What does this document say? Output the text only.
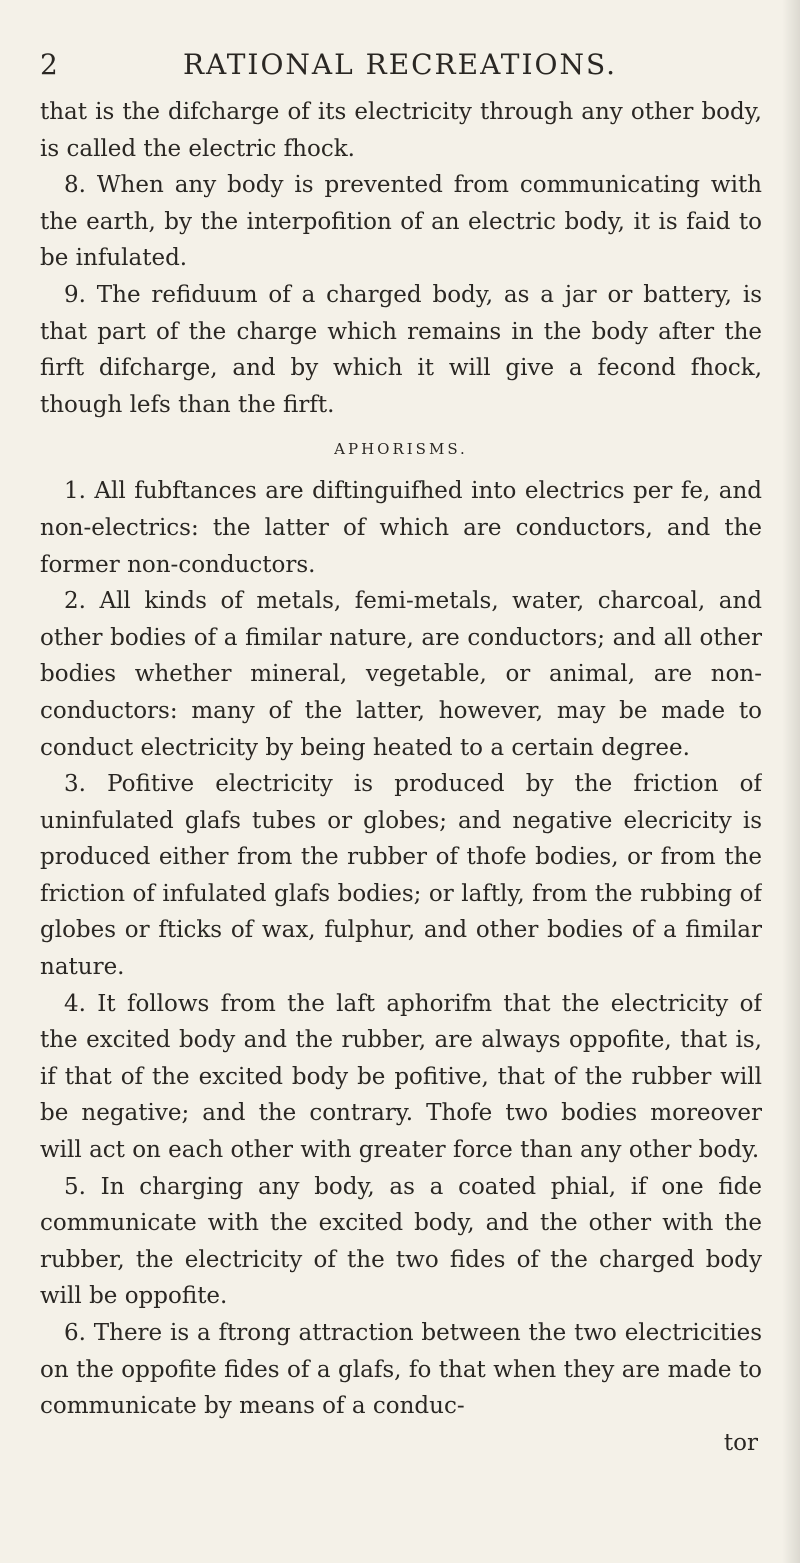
2	RATIONAL RECREATIONS.

that is the difcharge of its electricity through any other body, is called the electric fhock.

8. When any body is prevented from communicating with the earth, by the interpofition of an electric body, it is faid to be infulated.

9. The refiduum of a charged body, as a jar or battery, is that part of the charge which remains in the body after the firft difcharge, and by which it will give a fecond fhock, though lefs than the firft.

APHORISMS.

1. All fubftances are diftinguifhed into electrics per fe, and non-electrics: the latter of which are conductors, and the former non-conductors.

2. All kinds of metals, femi-metals, water, charcoal, and other bodies of a fimilar nature, are conductors; and all other bodies whether mineral, vegetable, or animal, are non-conductors: many of the latter, however, may be made to conduct electricity by being heated to a certain degree.

3. Pofitive electricity is produced by the friction of uninfulated glafs tubes or globes; and negative elecricity is produced either from the rubber of thofe bodies, or from the friction of infulated glafs bodies; or laftly, from the rubbing of globes or fticks of wax, fulphur, and other bodies of a fimilar nature.

4. It follows from the laft aphorifm that the electricity of the excited body and the rubber, are always oppofite, that is, if that of the excited body be pofitive, that of the rubber will be negative; and the contrary. Thofe two bodies moreover will act on each other with greater force than any other body.

5. In charging any body, as a coated phial, if one fide communicate with the excited body, and the other with the rubber, the electricity of the two fides of the charged body will be oppofite.

6. There is a ftrong attraction between the two electricities on the oppofite fides of a glafs, fo that when they are made to communicate by means of a conduc-

tor
